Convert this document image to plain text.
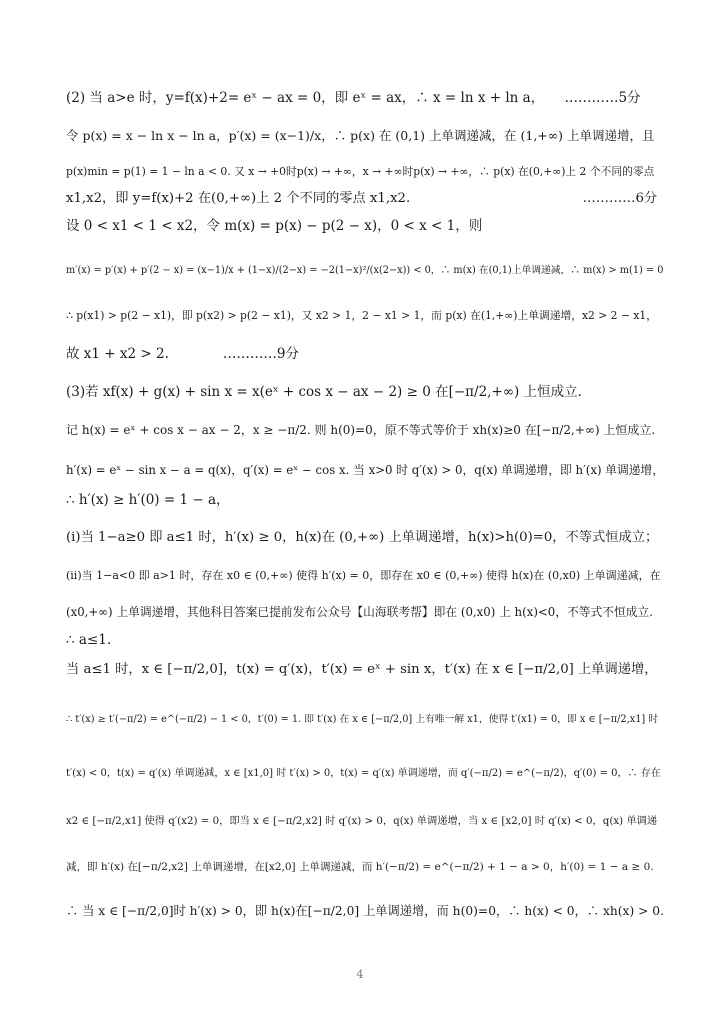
(2) 当 a>e 时，y=f(x)+2= eˣ − ax = 0，即 eˣ = ax，∴ x = ln x + ln a，　　…………5分
令 p(x) = x − ln x − ln a，p′(x) = (x−1)/x，∴ p(x) 在 (0,1) 上单调递减，在 (1,+∞) 上单调递增，且
p(x)min = p(1) = 1 − ln a < 0. 又 x → +0时p(x) → +∞，x → +∞时p(x) → +∞，∴ p(x) 在(0,+∞)上 2 个不同的零点
x1,x2，即 y=f(x)+2 在(0,+∞)上 2 个不同的零点 x1,x2.　　　　　　　　　　　　　…………6分
设 0 < x1 < 1 < x2，令 m(x) = p(x) − p(2 − x)，0 < x < 1，则
m′(x) = p′(x) + p′(2 − x) = (x−1)/x + (1−x)/(2−x) = −2(1−x)²/(x(2−x)) < 0，∴ m(x) 在(0,1)上单调递减，∴ m(x) > m(1) = 0
∴ p(x1) > p(2 − x1)，即 p(x2) > p(2 − x1)，又 x2 > 1，2 − x1 > 1，而 p(x) 在(1,+∞)上单调递增，x2 > 2 − x1，
故 x1 + x2 > 2.　　　　…………9分
(3)若 xf(x) + g(x) + sin x = x(eˣ + cos x − ax − 2) ≥ 0 在[−π/2,+∞) 上恒成立.
记 h(x) = eˣ + cos x − ax − 2，x ≥ −π/2. 则 h(0)=0，原不等式等价于 xh(x)≥0 在[−π/2,+∞) 上恒成立.
h′(x) = eˣ − sin x − a = q(x)，q′(x) = eˣ − cos x. 当 x>0 时 q′(x) > 0，q(x) 单调递增，即 h′(x) 单调递增，
∴ h′(x) ≥ h′(0) = 1 − a，
(i)当 1−a≥0 即 a≤1 时，h′(x) ≥ 0，h(x)在 (0,+∞) 上单调递增，h(x)>h(0)=0，不等式恒成立；
(ii)当 1−a<0 即 a>1 时，存在 x0 ∈ (0,+∞) 使得 h′(x) = 0，即存在 x0 ∈ (0,+∞) 使得 h(x)在 (0,x0) 上单调递减，在
(x0,+∞) 上单调递增，其他科目答案已提前发布公众号【山海联考帮】即在 (0,x0) 上 h(x)<0，不等式不恒成立.
∴ a≤1.
当 a≤1 时，x ∈ [−π/2,0]，t(x) = q′(x)，t′(x) = eˣ + sin x，t′(x) 在 x ∈ [−π/2,0] 上单调递增，
∴ t′(x) ≥ t′(−π/2) = e^(−π/2) − 1 < 0，t′(0) = 1. 即 t′(x) 在 x ∈ [−π/2,0] 上有唯一解 x1，使得 t′(x1) = 0，即 x ∈ [−π/2,x1] 时
t′(x) < 0，t(x) = q′(x) 单调递减，x ∈ [x1,0] 时 t′(x) > 0，t(x) = q′(x) 单调递增，而 q′(−π/2) = e^(−π/2)，q′(0) = 0，∴ 存在
x2 ∈ [−π/2,x1] 使得 q′(x2) = 0，即当 x ∈ [−π/2,x2] 时 q′(x) > 0，q(x) 单调递增，当 x ∈ [x2,0] 时 q′(x) < 0，q(x) 单调递
减，即 h′(x) 在[−π/2,x2] 上单调递增，在[x2,0] 上单调递减，而 h′(−π/2) = e^(−π/2) + 1 − a > 0，h′(0) = 1 − a ≥ 0.
∴ 当 x ∈ [−π/2,0]时 h′(x) > 0，即 h(x)在[−π/2,0] 上单调递增，而 h(0)=0，∴ h(x) < 0，∴ xh(x) > 0.
4
